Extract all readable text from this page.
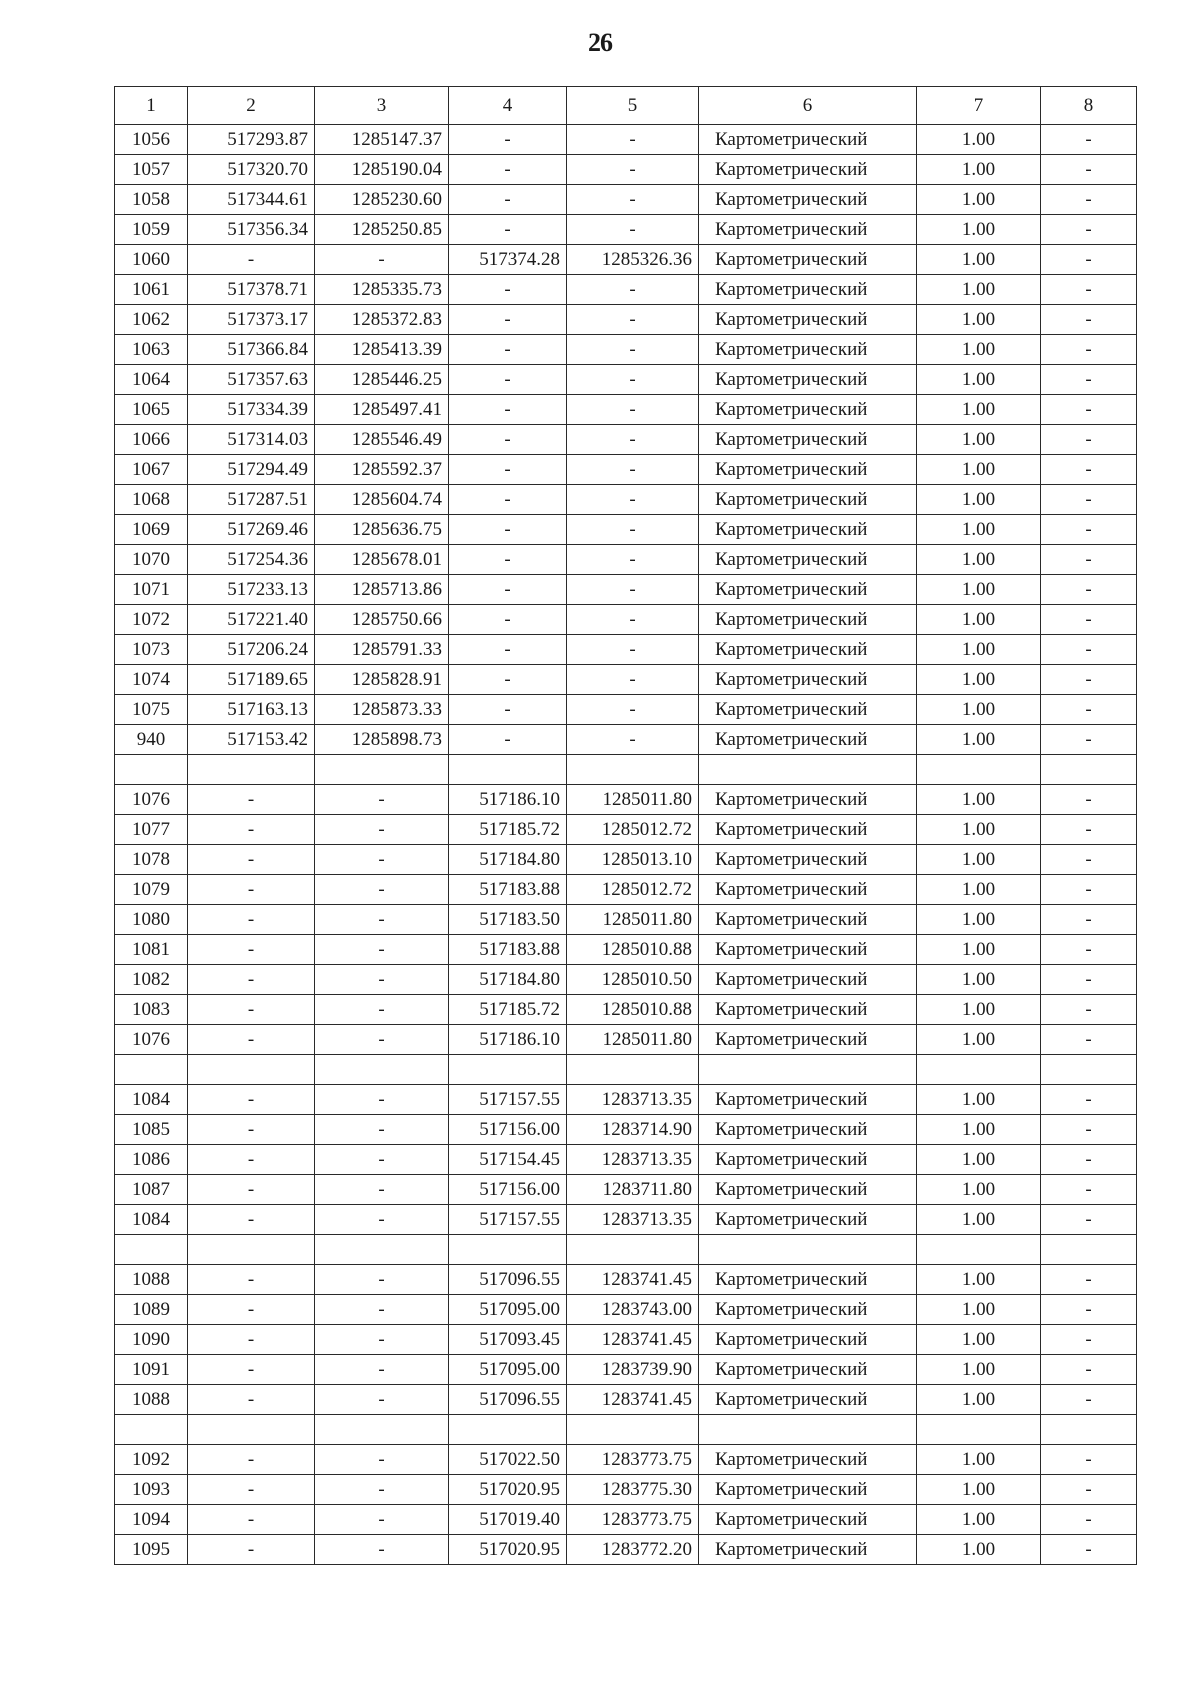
26
1	2	3	4	5	6	7	8
1056	517293.87	1285147.37	-	-	Картометрический	1.00	-
1057	517320.70	1285190.04	-	-	Картометрический	1.00	-
1058	517344.61	1285230.60	-	-	Картометрический	1.00	-
1059	517356.34	1285250.85	-	-	Картометрический	1.00	-
1060	-	-	517374.28	1285326.36	Картометрический	1.00	-
1061	517378.71	1285335.73	-	-	Картометрический	1.00	-
1062	517373.17	1285372.83	-	-	Картометрический	1.00	-
1063	517366.84	1285413.39	-	-	Картометрический	1.00	-
1064	517357.63	1285446.25	-	-	Картометрический	1.00	-
1065	517334.39	1285497.41	-	-	Картометрический	1.00	-
1066	517314.03	1285546.49	-	-	Картометрический	1.00	-
1067	517294.49	1285592.37	-	-	Картометрический	1.00	-
1068	517287.51	1285604.74	-	-	Картометрический	1.00	-
1069	517269.46	1285636.75	-	-	Картометрический	1.00	-
1070	517254.36	1285678.01	-	-	Картометрический	1.00	-
1071	517233.13	1285713.86	-	-	Картометрический	1.00	-
1072	517221.40	1285750.66	-	-	Картометрический	1.00	-
1073	517206.24	1285791.33	-	-	Картометрический	1.00	-
1074	517189.65	1285828.91	-	-	Картометрический	1.00	-
1075	517163.13	1285873.33	-	-	Картометрический	1.00	-
940	517153.42	1285898.73	-	-	Картометрический	1.00	-

1076	-	-	517186.10	1285011.80	Картометрический	1.00	-
1077	-	-	517185.72	1285012.72	Картометрический	1.00	-
1078	-	-	517184.80	1285013.10	Картометрический	1.00	-
1079	-	-	517183.88	1285012.72	Картометрический	1.00	-
1080	-	-	517183.50	1285011.80	Картометрический	1.00	-
1081	-	-	517183.88	1285010.88	Картометрический	1.00	-
1082	-	-	517184.80	1285010.50	Картометрический	1.00	-
1083	-	-	517185.72	1285010.88	Картометрический	1.00	-
1076	-	-	517186.10	1285011.80	Картометрический	1.00	-

1084	-	-	517157.55	1283713.35	Картометрический	1.00	-
1085	-	-	517156.00	1283714.90	Картометрический	1.00	-
1086	-	-	517154.45	1283713.35	Картометрический	1.00	-
1087	-	-	517156.00	1283711.80	Картометрический	1.00	-
1084	-	-	517157.55	1283713.35	Картометрический	1.00	-

1088	-	-	517096.55	1283741.45	Картометрический	1.00	-
1089	-	-	517095.00	1283743.00	Картометрический	1.00	-
1090	-	-	517093.45	1283741.45	Картометрический	1.00	-
1091	-	-	517095.00	1283739.90	Картометрический	1.00	-
1088	-	-	517096.55	1283741.45	Картометрический	1.00	-

1092	-	-	517022.50	1283773.75	Картометрический	1.00	-
1093	-	-	517020.95	1283775.30	Картометрический	1.00	-
1094	-	-	517019.40	1283773.75	Картометрический	1.00	-
1095	-	-	517020.95	1283772.20	Картометрический	1.00	-
